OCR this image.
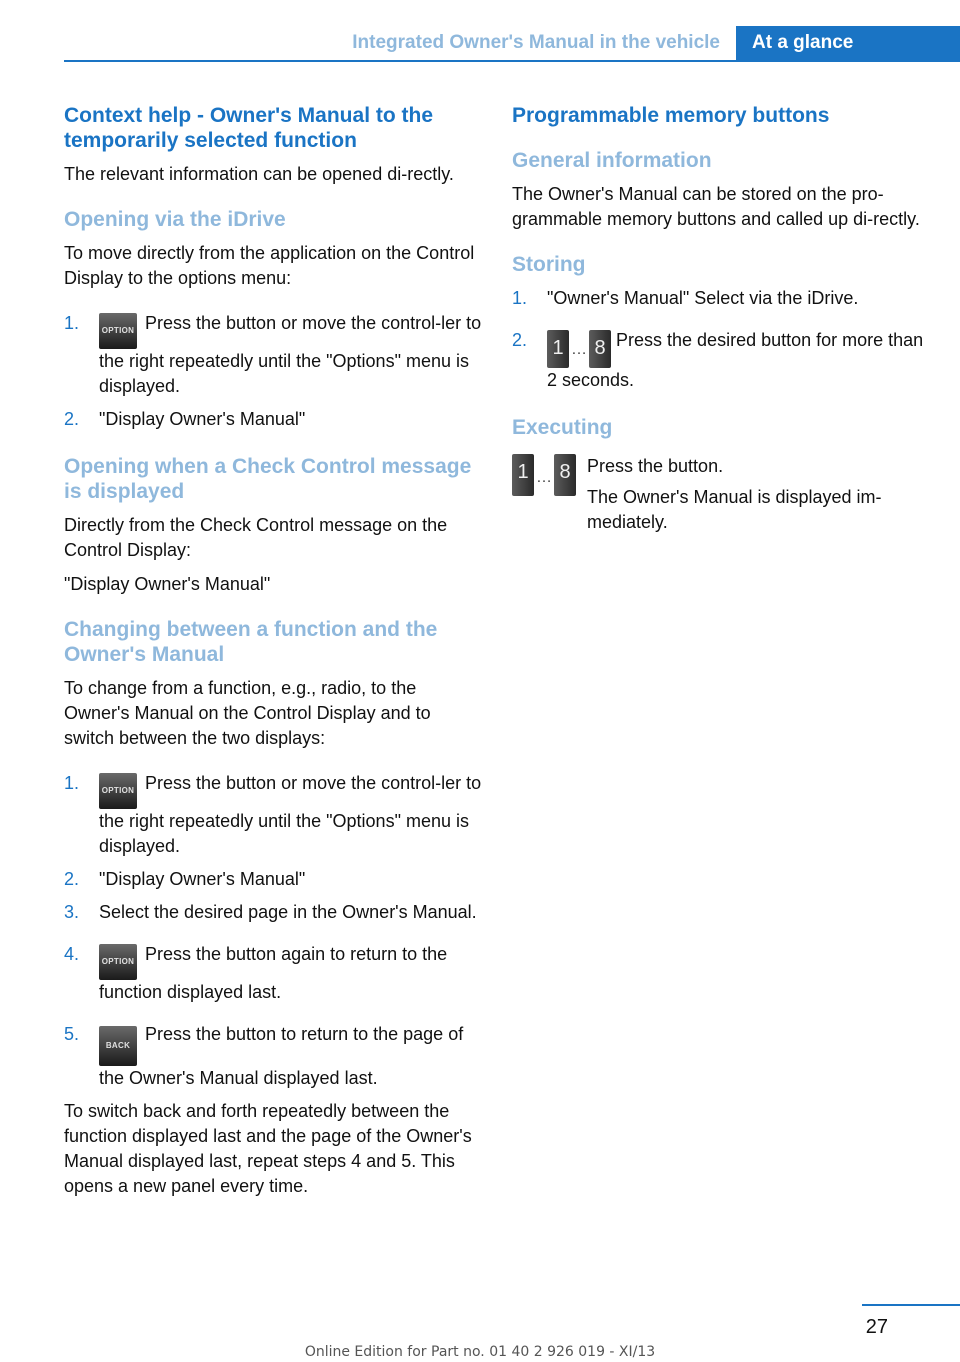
Integrated Owner's Manual in the vehicle	At a glance
Context help - Owner's Manual to the temporarily selected function
The relevant information can be opened di-rectly.
Opening via the iDrive
To move directly from the application on the Control Display to the options menu:
1.	OPTION Press the button or move the control-ler to the right repeatedly until the "Options" menu is displayed.
2. "Display Owner's Manual"
Opening when a Check Control message is displayed
Directly from the Check Control message on the Control Display:
"Display Owner's Manual"
Changing between a function and the Owner's Manual
To change from a function, e.g., radio, to the Owner's Manual on the Control Display and to switch between the two displays:
1.	OPTION Press the button or move the control-ler to the right repeatedly until the "Options" menu is displayed.
2. "Display Owner's Manual"
3. Select the desired page in the Owner's Manual.
4.	OPTION Press the button again to return to the function displayed last.
5.
BACKPress the button to return to the page of the Owner's Manual displayed last.
To switch back and forth repeatedly between the function displayed last and the page of the Owner's Manual displayed last, repeat steps 4 and 5. This opens a new panel every time.
Programmable memory buttons
General information
The Owner's Manual can be stored on the pro-grammable memory buttons and called up di-rectly.
Storing
1. "Owner's Manual" Select via the iDrive.
2. 1 … 8 Press the desired button for more than 2 seconds.
Executing
1 … 8 Press the button.
The Owner's Manual is displayed im-mediately.
27
Online Edition for Part no. 01 40 2 926 019 - XI/13
